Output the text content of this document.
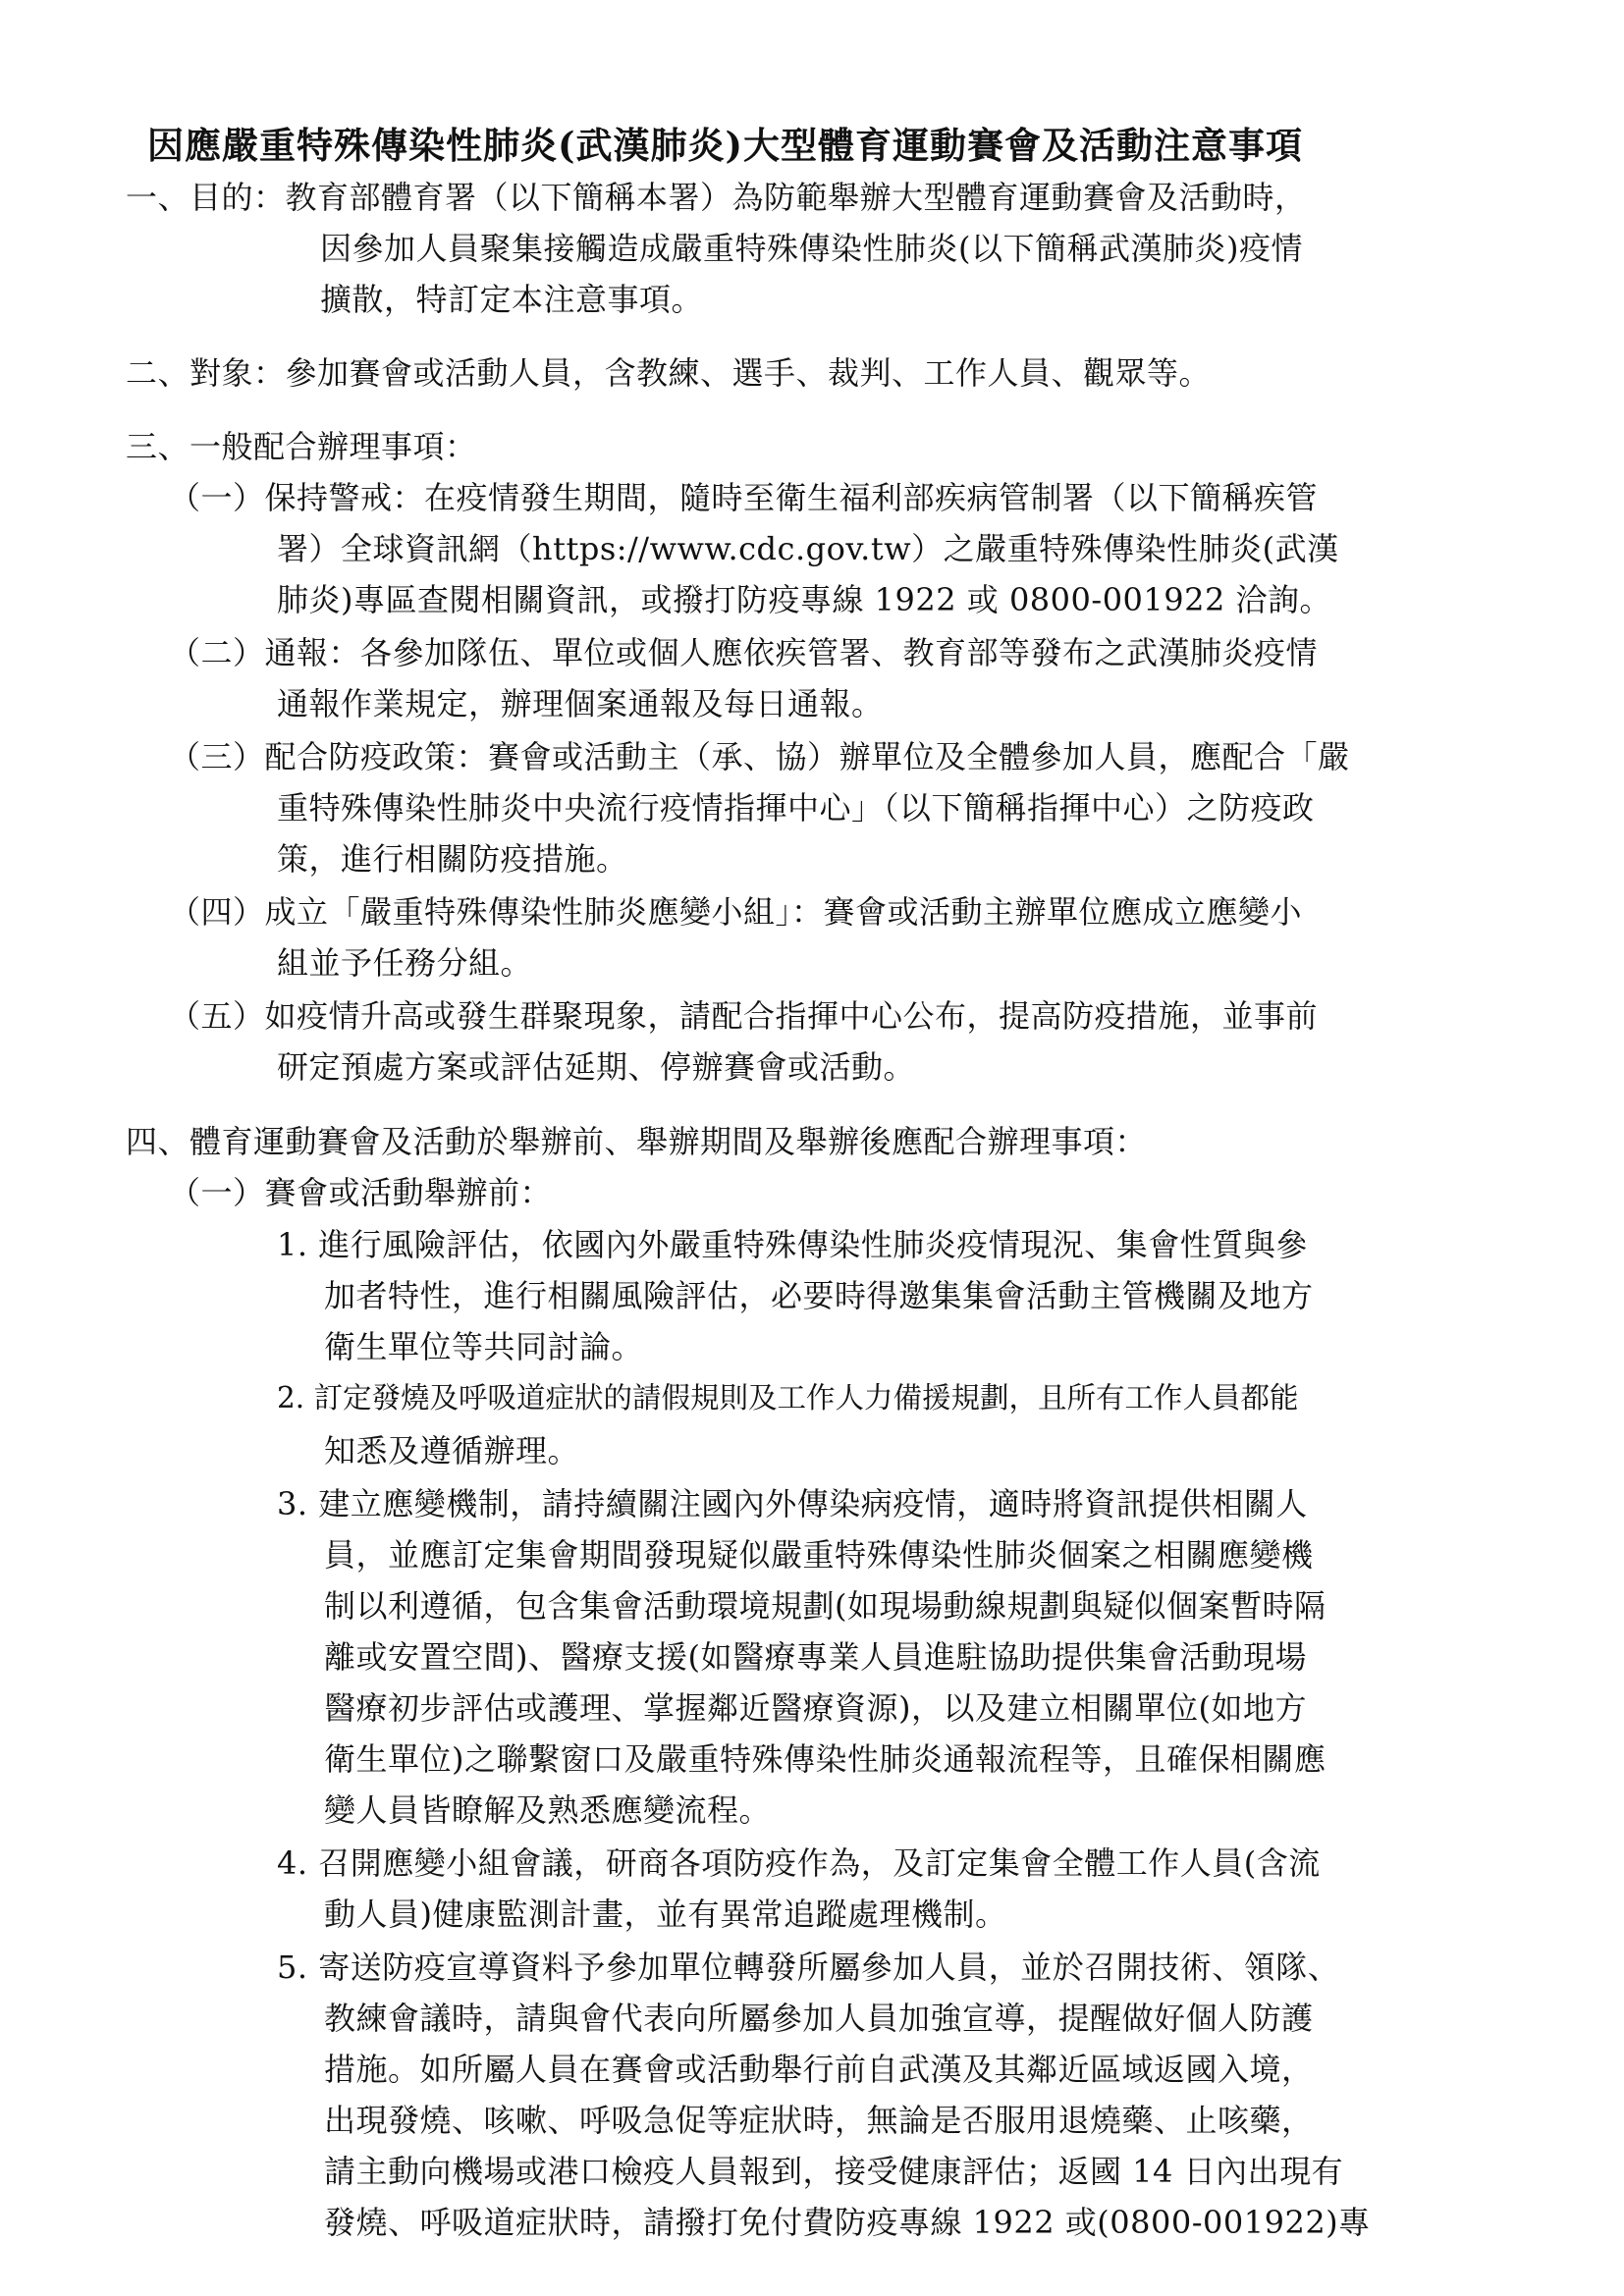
因應嚴重特殊傳染性肺炎(武漢肺炎)大型體育運動賽會及活動注意事項
一、目的：教育部體育署（以下簡稱本署）為防範舉辦大型體育運動賽會及活動時，
因參加人員聚集接觸造成嚴重特殊傳染性肺炎(以下簡稱武漢肺炎)疫情
擴散，特訂定本注意事項。
二、對象：參加賽會或活動人員，含教練、選手、裁判、工作人員、觀眾等。
三、一般配合辦理事項：
（一）保持警戒：在疫情發生期間，隨時至衛生福利部疾病管制署（以下簡稱疾管
署）全球資訊網（https://www.cdc.gov.tw）之嚴重特殊傳染性肺炎(武漢
肺炎)專區查閱相關資訊，或撥打防疫專線 1922 或 0800-001922 洽詢。
（二）通報：各參加隊伍、單位或個人應依疾管署、教育部等發布之武漢肺炎疫情
通報作業規定，辦理個案通報及每日通報。
（三）配合防疫政策：賽會或活動主（承、協）辦單位及全體參加人員，應配合「嚴
重特殊傳染性肺炎中央流行疫情指揮中心」（以下簡稱指揮中心）之防疫政
策，進行相關防疫措施。
（四）成立「嚴重特殊傳染性肺炎應變小組」：賽會或活動主辦單位應成立應變小
組並予任務分組。
（五）如疫情升高或發生群聚現象，請配合指揮中心公布，提高防疫措施，並事前
研定預處方案或評估延期、停辦賽會或活動。
四、體育運動賽會及活動於舉辦前、舉辦期間及舉辦後應配合辦理事項：
（一）賽會或活動舉辦前：
1. 進行風險評估，依國內外嚴重特殊傳染性肺炎疫情現況、集會性質與參
加者特性，進行相關風險評估，必要時得邀集集會活動主管機關及地方
衛生單位等共同討論。
2. 訂定發燒及呼吸道症狀的請假規則及工作人力備援規劃，且所有工作人員都能
知悉及遵循辦理。
3. 建立應變機制，請持續關注國內外傳染病疫情，適時將資訊提供相關人
員，並應訂定集會期間發現疑似嚴重特殊傳染性肺炎個案之相關應變機
制以利遵循，包含集會活動環境規劃(如現場動線規劃與疑似個案暫時隔
離或安置空間)、醫療支援(如醫療專業人員進駐協助提供集會活動現場
醫療初步評估或護理、掌握鄰近醫療資源)，以及建立相關單位(如地方
衛生單位)之聯繫窗口及嚴重特殊傳染性肺炎通報流程等，且確保相關應
變人員皆瞭解及熟悉應變流程。
4. 召開應變小組會議，研商各項防疫作為，及訂定集會全體工作人員(含流
動人員)健康監測計畫，並有異常追蹤處理機制。
5. 寄送防疫宣導資料予參加單位轉發所屬參加人員，並於召開技術、領隊、
教練會議時，請與會代表向所屬參加人員加強宣導，提醒做好個人防護
措施。如所屬人員在賽會或活動舉行前自武漢及其鄰近區域返國入境，
出現發燒、咳嗽、呼吸急促等症狀時，無論是否服用退燒藥、止咳藥，
請主動向機場或港口檢疫人員報到，接受健康評估；返國 14 日內出現有
發燒、呼吸道症狀時，請撥打免付費防疫專線 1922 或(0800-001922)專
